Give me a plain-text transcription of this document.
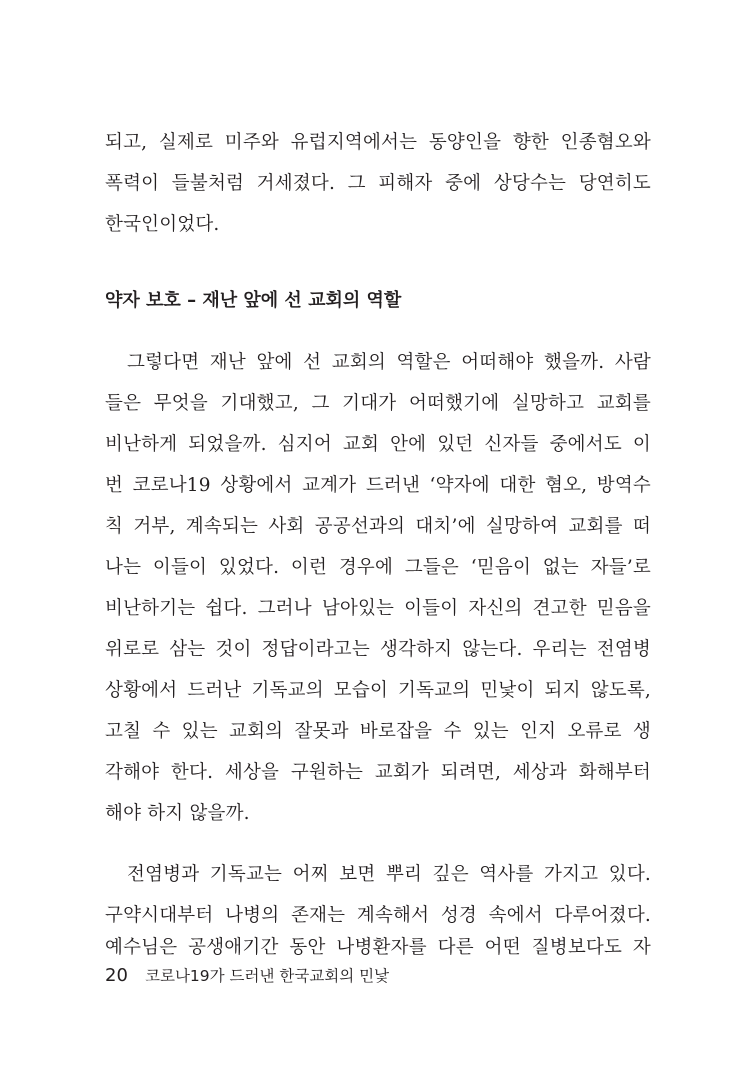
되고, 실제로 미주와 유럽지역에서는 동양인을 향한 인종혐오와
폭력이 들불처럼 거세졌다. 그 피해자 중에 상당수는 당연히도
한국인이었다.
약자 보호 – 재난 앞에 선 교회의 역할
그렇다면 재난 앞에 선 교회의 역할은 어떠해야 했을까. 사람
들은 무엇을 기대했고, 그 기대가 어떠했기에 실망하고 교회를
비난하게 되었을까. 심지어 교회 안에 있던 신자들 중에서도 이
번 코로나19 상황에서 교계가 드러낸 ‘약자에 대한 혐오, 방역수
칙 거부, 계속되는 사회 공공선과의 대치’에 실망하여 교회를 떠
나는 이들이 있었다. 이런 경우에 그들은 ‘믿음이 없는 자들’로
비난하기는 쉽다. 그러나 남아있는 이들이 자신의 견고한 믿음을
위로로 삼는 것이 정답이라고는 생각하지 않는다. 우리는 전염병
상황에서 드러난 기독교의 모습이 기독교의 민낯이 되지 않도록,
고칠 수 있는 교회의 잘못과 바로잡을 수 있는 인지 오류로 생
각해야 한다. 세상을 구원하는 교회가 되려면, 세상과 화해부터
해야 하지 않을까.
전염병과 기독교는 어찌 보면 뿌리 깊은 역사를 가지고 있다.
구약시대부터 나병의 존재는 계속해서 성경 속에서 다루어졌다.
예수님은 공생애기간 동안 나병환자를 다른 어떤 질병보다도 자
20 코로나19가 드러낸 한국교회의 민낯
